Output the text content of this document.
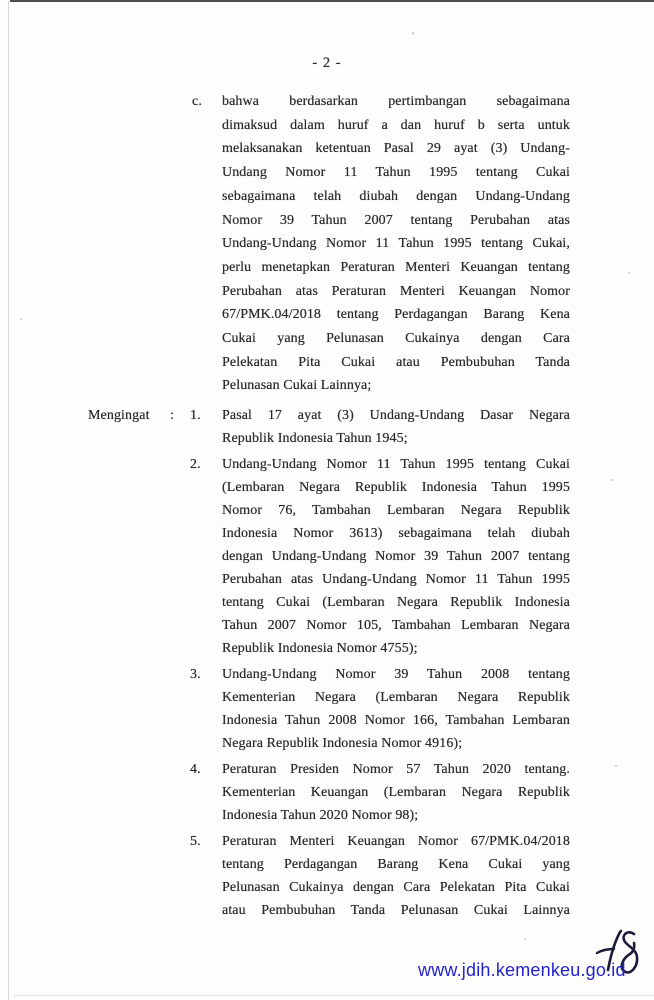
- 2 -
c.	bahwa berdasarkan pertimbangan sebagaimana
dimaksud dalam huruf a dan huruf b serta untuk
melaksanakan ketentuan Pasal 29 ayat (3) Undang-
Undang Nomor 11 Tahun 1995 tentang Cukai
sebagaimana telah diubah dengan Undang-Undang
Nomor 39 Tahun 2007 tentang Perubahan atas
Undang-Undang Nomor 11 Tahun 1995 tentang Cukai,
perlu menetapkan Peraturan Menteri Keuangan tentang
Perubahan atas Peraturan Menteri Keuangan Nomor
67/PMK.04/2018 tentang Perdagangan Barang Kena
Cukai yang Pelunasan Cukainya dengan Cara
Pelekatan Pita Cukai atau Pembubuhan Tanda
Pelunasan Cukai Lainnya;
Mengingat	:	1.	Pasal 17 ayat (3) Undang-Undang Dasar Negara
Republik Indonesia Tahun 1945;
2.	Undang-Undang Nomor 11 Tahun 1995 tentang Cukai
(Lembaran Negara Republik Indonesia Tahun 1995
Nomor 76, Tambahan Lembaran Negara Republik
Indonesia Nomor 3613) sebagaimana telah diubah
dengan Undang-Undang Nomor 39 Tahun 2007 tentang
Perubahan atas Undang-Undang Nomor 11 Tahun 1995
tentang Cukai (Lembaran Negara Republik Indonesia
Tahun 2007 Nomor 105, Tambahan Lembaran Negara
Republik Indonesia Nomor 4755);
3.	Undang-Undang Nomor 39 Tahun 2008 tentang
Kementerian Negara (Lembaran Negara Republik
Indonesia Tahun 2008 Nomor 166, Tambahan Lembaran
Negara Republik Indonesia Nomor 4916);
4.	Peraturan Presiden Nomor 57 Tahun 2020 tentang.
Kementerian Keuangan (Lembaran Negara Republik
Indonesia Tahun 2020 Nomor 98);
5.	Peraturan Menteri Keuangan Nomor 67/PMK.04/2018
tentang Perdagangan Barang Kena Cukai yang
Pelunasan Cukainya dengan Cara Pelekatan Pita Cukai
atau Pembubuhan Tanda Pelunasan Cukai Lainnya
www.jdih.kemenkeu.go.id
